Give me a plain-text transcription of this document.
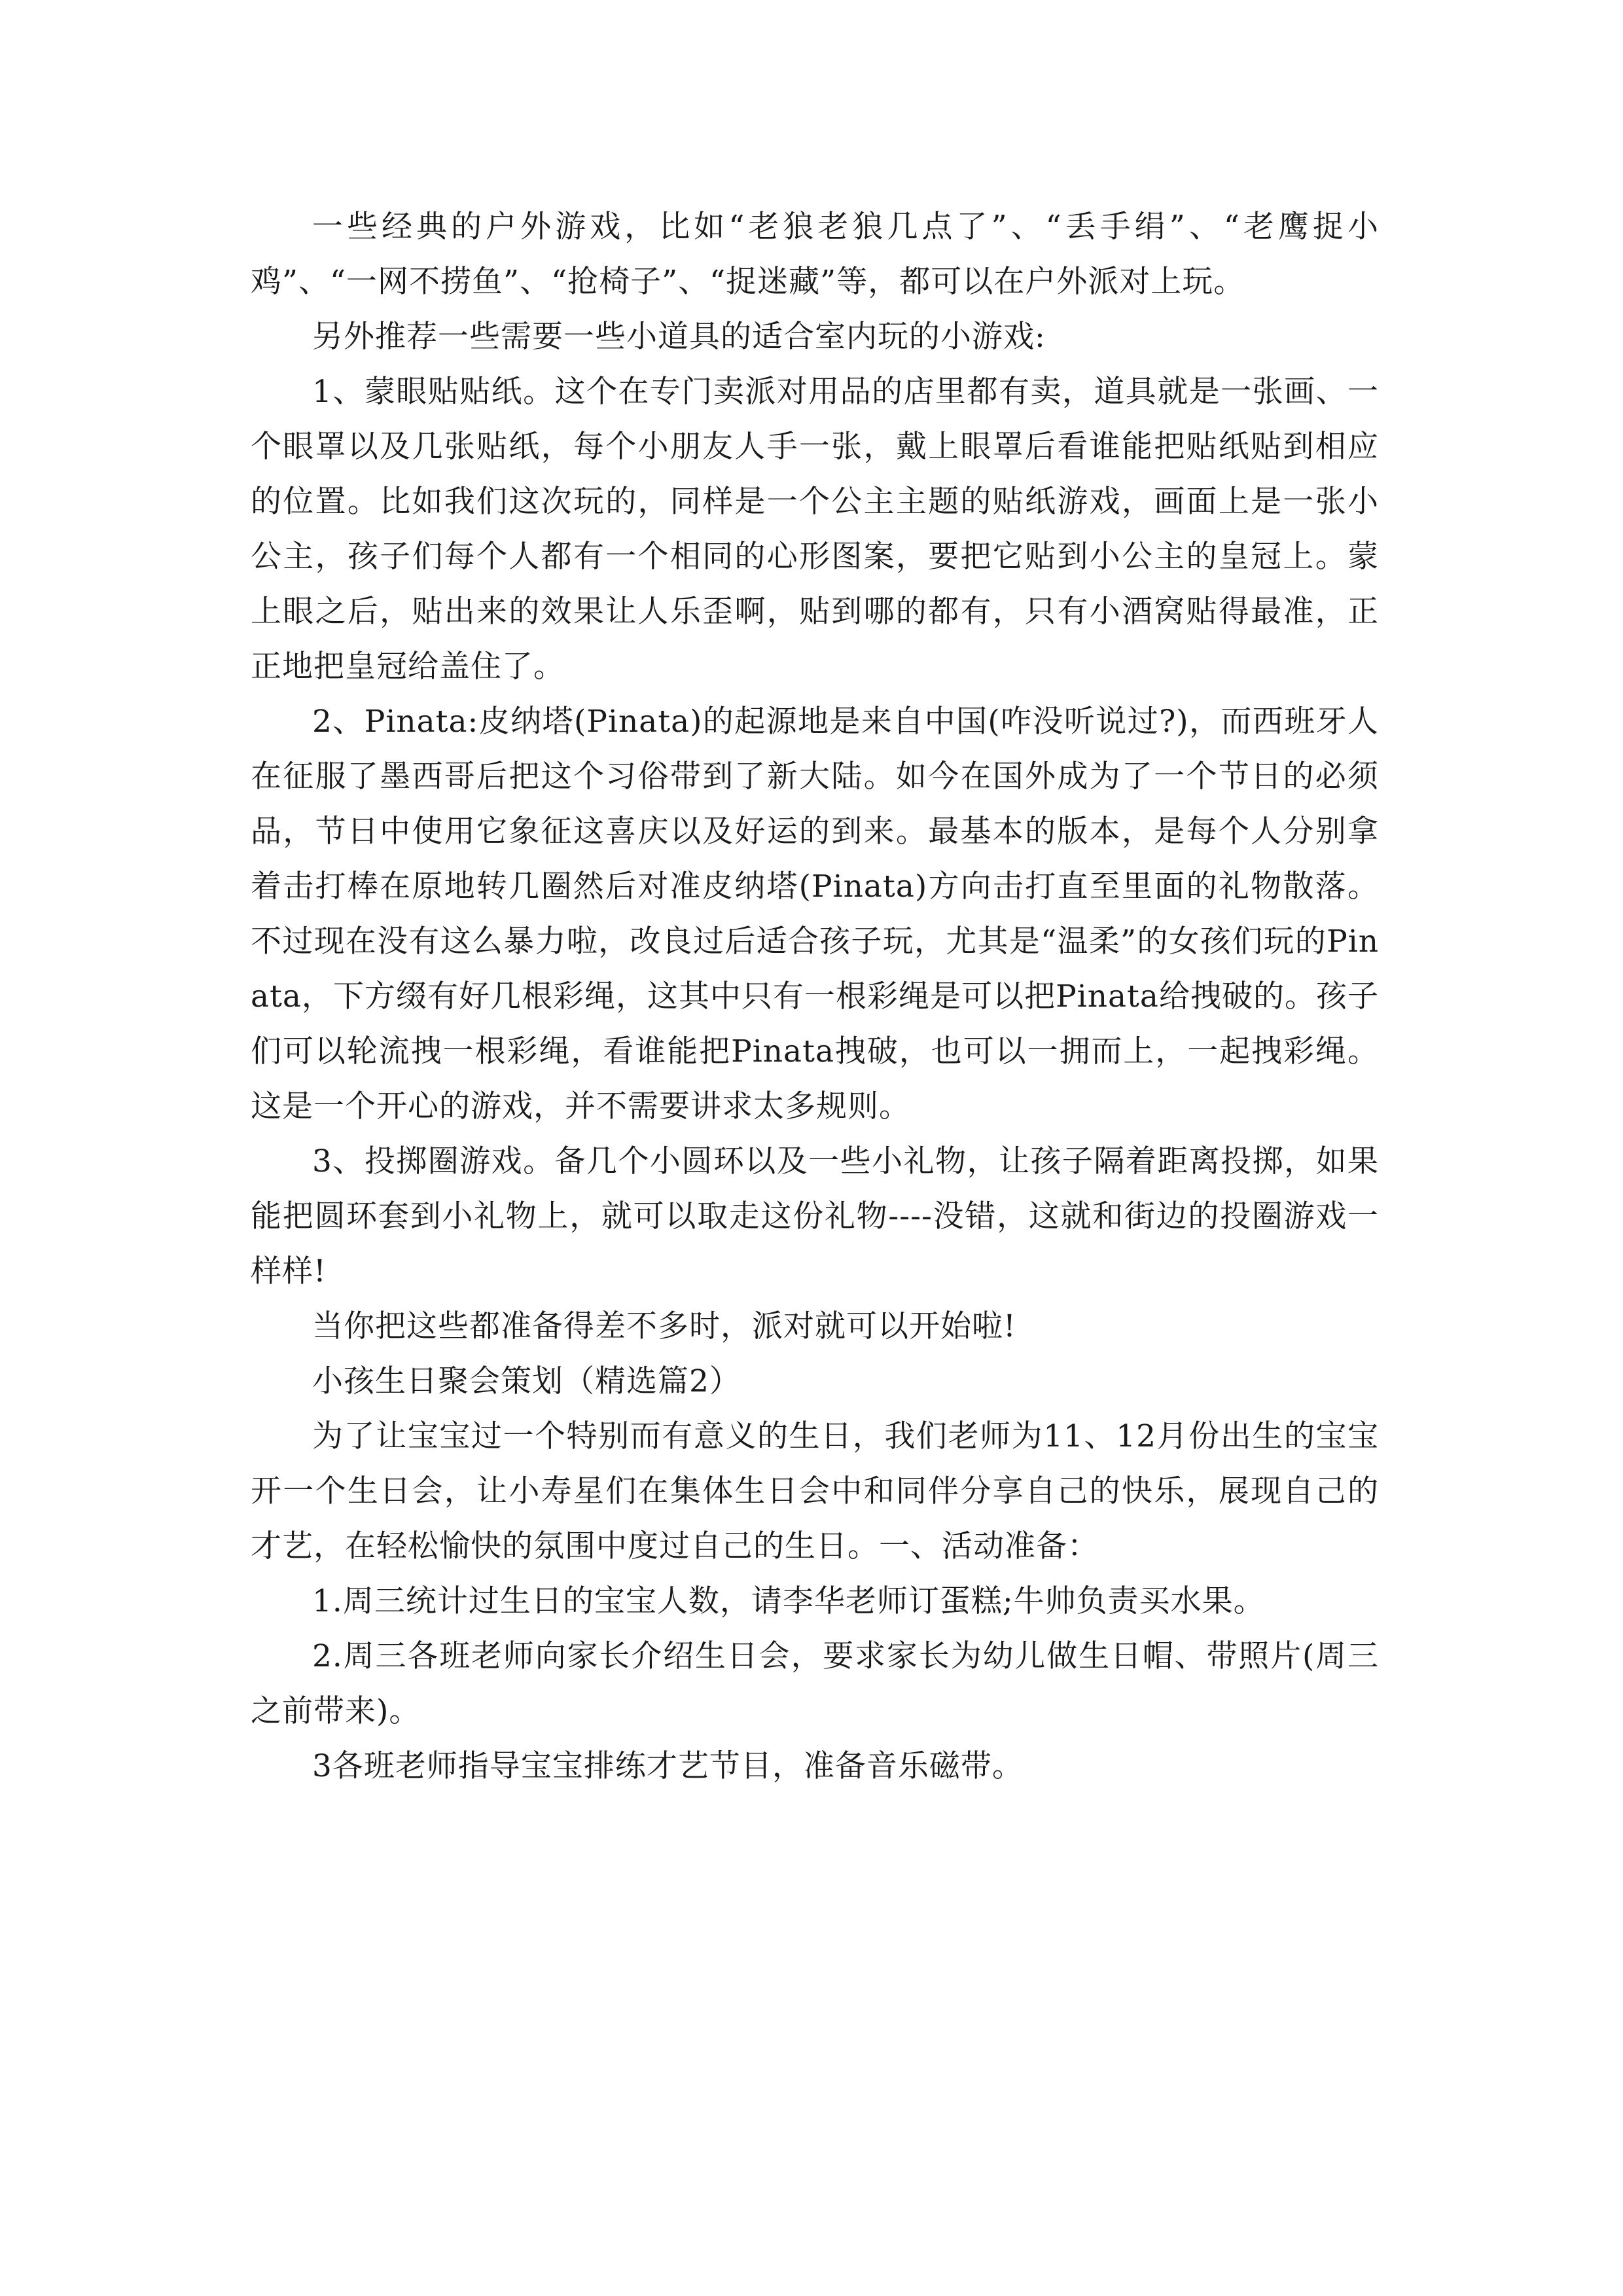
一些经典的户外游戏，比如“老狼老狼几点了”、“丢手绢”、“老鹰捉小鸡”、“一网不捞鱼”、“抢椅子”、“捉迷藏”等，都可以在户外派对上玩。

另外推荐一些需要一些小道具的适合室内玩的小游戏:

1、蒙眼贴贴纸。这个在专门卖派对用品的店里都有卖，道具就是一张画、一个眼罩以及几张贴纸，每个小朋友人手一张，戴上眼罩后看谁能把贴纸贴到相应的位置。比如我们这次玩的，同样是一个公主主题的贴纸游戏，画面上是一张小公主，孩子们每个人都有一个相同的心形图案，要把它贴到小公主的皇冠上。蒙上眼之后，贴出来的效果让人乐歪啊，贴到哪的都有，只有小酒窝贴得最准，正正地把皇冠给盖住了。

2、Pinata:皮纳塔(Pinata)的起源地是来自中国(咋没听说过?)，而西班牙人在征服了墨西哥后把这个习俗带到了新大陆。如今在国外成为了一个节日的必须品，节日中使用它象征这喜庆以及好运的到来。最基本的版本，是每个人分别拿着击打棒在原地转几圈然后对准皮纳塔(Pinata)方向击打直至里面的礼物散落。不过现在没有这么暴力啦，改良过后适合孩子玩，尤其是“温柔”的女孩们玩的Pinata，下方缀有好几根彩绳，这其中只有一根彩绳是可以把Pinata给拽破的。孩子们可以轮流拽一根彩绳，看谁能把Pinata拽破，也可以一拥而上，一起拽彩绳。这是一个开心的游戏，并不需要讲求太多规则。

3、投掷圈游戏。备几个小圆环以及一些小礼物，让孩子隔着距离投掷，如果能把圆环套到小礼物上，就可以取走这份礼物----没错，这就和街边的投圈游戏一样样!

当你把这些都准备得差不多时，派对就可以开始啦!

小孩生日聚会策划（精选篇2）

为了让宝宝过一个特别而有意义的生日，我们老师为11、12月份出生的宝宝开一个生日会，让小寿星们在集体生日会中和同伴分享自己的快乐，展现自己的才艺，在轻松愉快的氛围中度过自己的生日。一、活动准备：

1.周三统计过生日的宝宝人数，请李华老师订蛋糕;牛帅负责买水果。

2.周三各班老师向家长介绍生日会，要求家长为幼儿做生日帽、带照片(周三之前带来)。

3各班老师指导宝宝排练才艺节目，准备音乐磁带。
